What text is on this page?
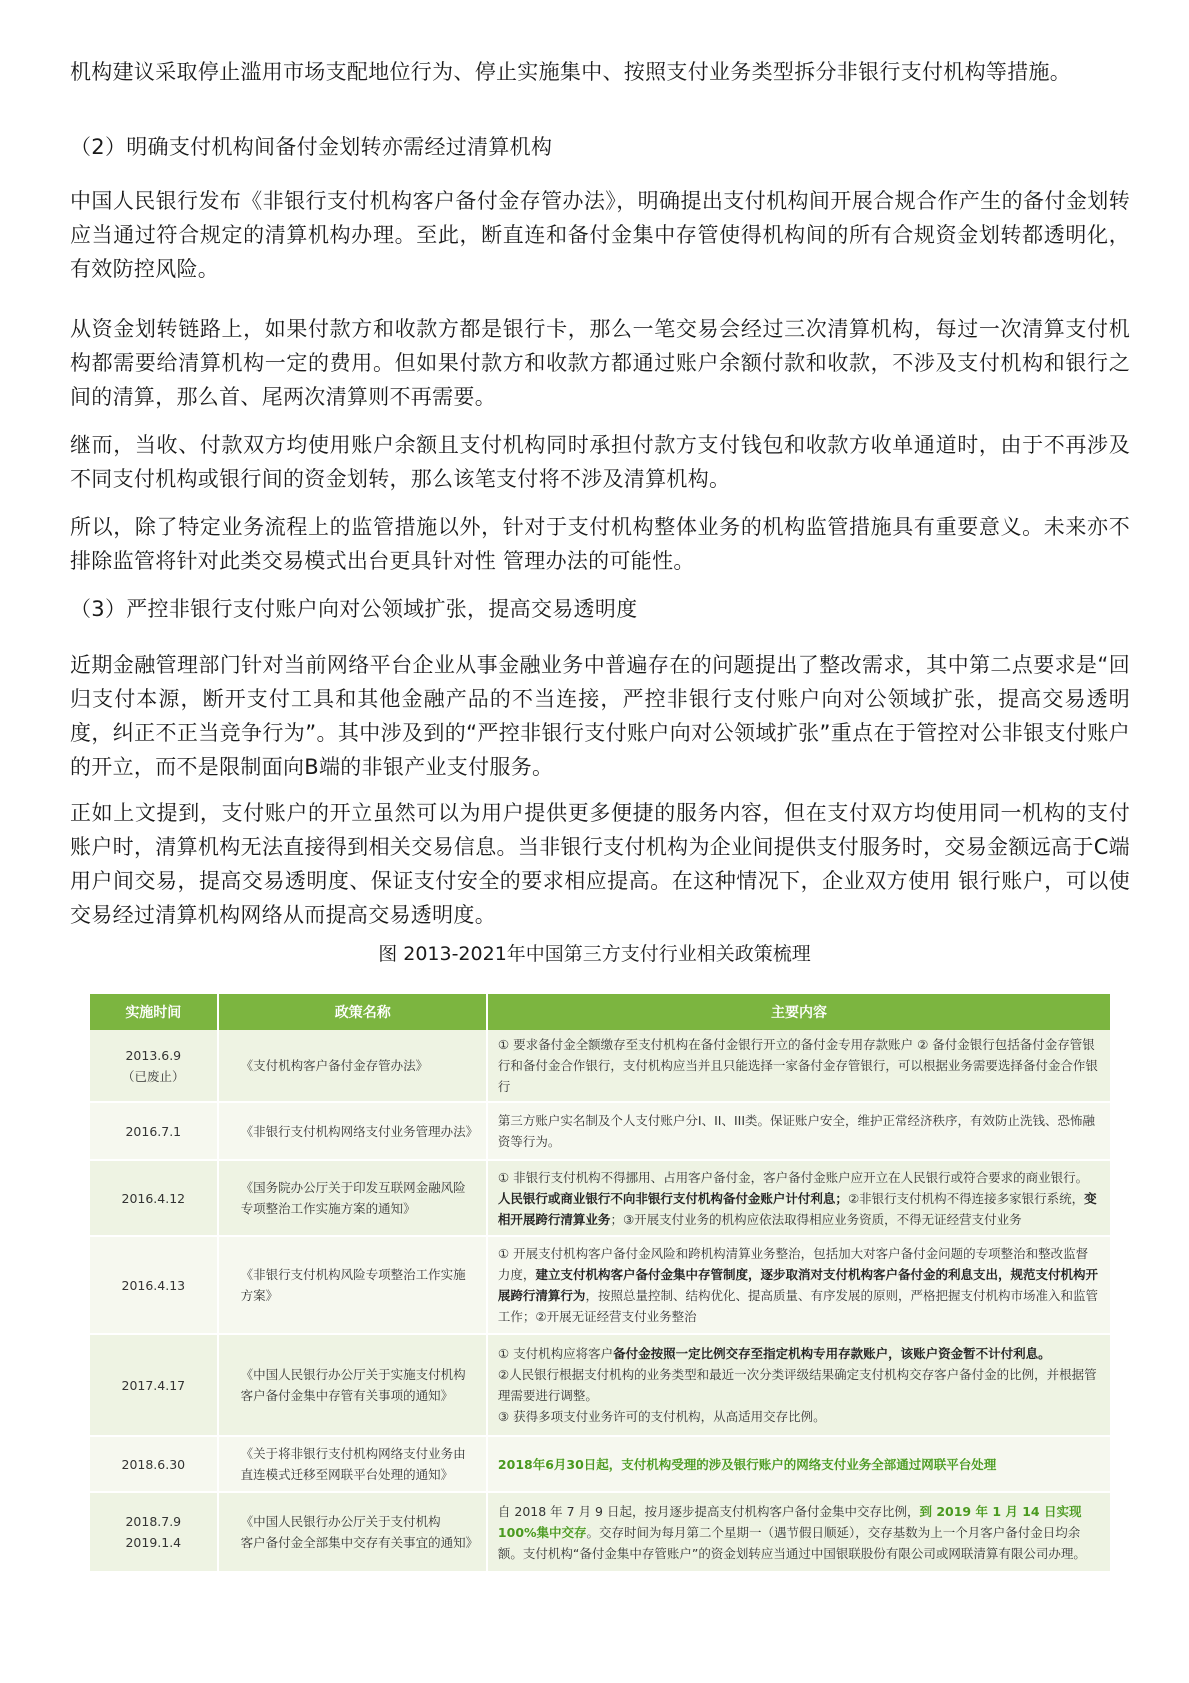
机构建议采取停止滥用市场支配地位行为、停止实施集中、按照支付业务类型拆分非银行支付机构等措施。
（2）明确支付机构间备付金划转亦需经过清算机构
中国人民银行发布《非银行支付机构客户备付金存管办法》，明确提出支付机构间开展合规合作产生的备付金划转应当通过符合规定的清算机构办理。至此，断直连和备付金集中存管使得机构间的所有合规资金划转都透明化，有效防控风险。
从资金划转链路上，如果付款方和收款方都是银行卡，那么一笔交易会经过三次清算机构，每过一次清算支付机构都需要给清算机构一定的费用。但如果付款方和收款方都通过账户余额付款和收款，不涉及支付机构和银行之间的清算，那么首、尾两次清算则不再需要。
继而，当收、付款双方均使用账户余额且支付机构同时承担付款方支付钱包和收款方收单通道时，由于不再涉及不同支付机构或银行间的资金划转，那么该笔支付将不涉及清算机构。
所以，除了特定业务流程上的监管措施以外，针对于支付机构整体业务的机构监管措施具有重要意义。未来亦不排除监管将针对此类交易模式出台更具针对性 管理办法的可能性。
（3）严控非银行支付账户向对公领域扩张，提高交易透明度
近期金融管理部门针对当前网络平台企业从事金融业务中普遍存在的问题提出了整改需求，其中第二点要求是“回归支付本源，断开支付工具和其他金融产品的不当连接，严控非银行支付账户向对公领域扩张，提高交易透明度，纠正不正当竞争行为”。其中涉及到的“严控非银行支付账户向对公领域扩张”重点在于管控对公非银支付账户的开立，而不是限制面向B端的非银产业支付服务。
正如上文提到，支付账户的开立虽然可以为用户提供更多便捷的服务内容，但在支付双方均使用同一机构的支付账户时，清算机构无法直接得到相关交易信息。当非银行支付机构为企业间提供支付服务时，交易金额远高于C端用户间交易，提高交易透明度、保证支付安全的要求相应提高。在这种情况下，企业双方使用 银行账户，可以使交易经过清算机构网络从而提高交易透明度。
图 2013-2021年中国第三方支付行业相关政策梳理
实施时间	政策名称	主要内容

2013.6.9
（已废止）	《支付机构客户备付金存管办法》	① 要求备付金全额缴存至支付机构在备付金银行开立的备付金专用存款账户 ② 备付金银行包括备付金存管银行和备付金合作银行，支付机构应当并且只能选择一家备付金存管银行，可以根据业务需要选择备付金合作银行
2016.7.1	《非银行支付机构网络支付业务管理办法》	第三方账户实名制及个人支付账户分I、II、III类。保证账户安全，维护正常经济秩序，有效防止洗钱、恐怖融资等行为。
2016.4.12	《国务院办公厅关于印发互联网金融风险
专项整治工作实施方案的通知》	① 非银行支付机构不得挪用、占用客户备付金，客户备付金账户应开立在人民银行或符合要求的商业银行。人民银行或商业银行不向非银行支付机构备付金账户计付利息；②非银行支付机构不得连接多家银行系统，变相开展跨行清算业务；③开展支付业务的机构应依法取得相应业务资质，不得无证经营支付业务
2016.4.13	《非银行支付机构风险专项整治工作实施
方案》	① 开展支付机构客户备付金风险和跨机构清算业务整治，包括加大对客户备付金问题的专项整治和整改监督力度，建立支付机构客户备付金集中存管制度，逐步取消对支付机构客户备付金的利息支出，规范支付机构开展跨行清算行为，按照总量控制、结构优化、提高质量、有序发展的原则，严格把握支付机构市场准入和监管工作；②开展无证经营支付业务整治
2017.4.17	《中国人民银行办公厅关于实施支付机构
客户备付金集中存管有关事项的通知》	① 支付机构应将客户备付金按照一定比例交存至指定机构专用存款账户，该账户资金暂不计付利息。
②人民银行根据支付机构的业务类型和最近一次分类评级结果确定支付机构交存客户备付金的比例，并根据管理需要进行调整。
③ 获得多项支付业务许可的支付机构，从高适用交存比例。

2018.6.30	《关于将非银行支付机构网络支付业务由
直连模式迁移至网联平台处理的通知》	2018年6月30日起，支付机构受理的涉及银行账户的网络支付业务全部通过网联平台处理

2018.7.9
2019.1.4	《中国人民银行办公厅关于支付机构
客户备付金全部集中交存有关事宜的通知》	自 2018 年 7 月 9 日起，按月逐步提高支付机构客户备付金集中交存比例，到 2019 年 1 月 14 日实现 100%集中交存。交存时间为每月第二个星期一（遇节假日顺延），交存基数为上一个月客户备付金日均余额。支付机构“备付金集中存管账户”的资金划转应当通过中国银联股份有限公司或网联清算有限公司办理。
